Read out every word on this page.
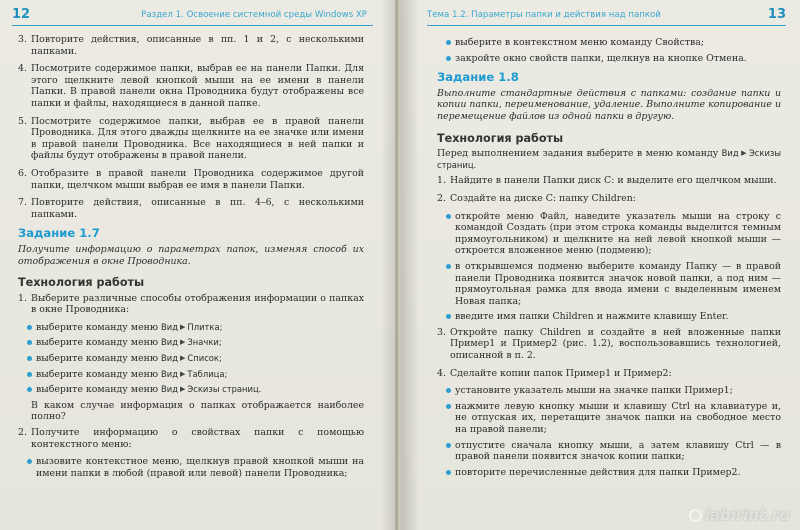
12	Раздел 1. Освоение системной среды Windows XP
3. Повторите действия, описанные в пп. 1 и 2, с несколькими папками.
4. Посмотрите содержимое папки, выбрав ее на панели Папки. Для этого щелкните левой кнопкой мыши на ее имени в панели Папки. В правой панели окна Проводника будут отображены все папки и файлы, находящиеся в данной папке.
5. Посмотрите содержимое папки, выбрав ее в правой панели Проводника. Для этого дважды щелкните на ее значке или имени в правой панели Проводника. Все находящиеся в ней папки и файлы будут отображены в правой панели.
6. Отобразите в правой панели Проводника содержимое другой папки, щелчком мыши выбрав ее имя в панели Папки.
7. Повторите действия, описанные в пп. 4–6, с несколькими папками.
Задание 1.7
Получите информацию о параметрах папок, изменяя способ их отображения в окне Проводника.
Технология работы
1. Выберите различные способы отображения информации о папках в окне Проводника:
выберите команду меню Вид ▶ Плитка;
выберите команду меню Вид ▶ Значки;
выберите команду меню Вид ▶ Список;
выберите команду меню Вид ▶ Таблица;
выберите команду меню Вид ▶ Эскизы страниц.
В каком случае информация о папках отображается наиболее полно?
2. Получите информацию о свойствах папки с помощью контекстного меню:
вызовите контекстное меню, щелкнув правой кнопкой мыши на имени папки в любой (правой или левой) панели Проводника;
Тема 1.2. Параметры папки и действия над папкой	13
выберите в контекстном меню команду Свойства;
закройте окно свойств папки, щелкнув на кнопке Отмена.
Задание 1.8
Выполните стандартные действия с папками: создание папки и копии папки, переименование, удаление. Выполните копирование и перемещение файлов из одной папки в другую.
Технология работы
Перед выполнением задания выберите в меню команду Вид ▶ Эскизы страниц.
1. Найдите в панели Папки диск C: и выделите его щелчком мыши.
2. Создайте на диске C: папку Children:
откройте меню Файл, наведите указатель мыши на строку с командой Создать (при этом строка команды выделится темным прямоугольником) и щелкните на ней левой кнопкой мыши — откроется вложенное меню (подменю);
в открывшемся подменю выберите команду Папку — в правой панели Проводника появится значок новой папки, а под ним — прямоугольная рамка для ввода имени с выделенным именем Новая папка;
введите имя папки Children и нажмите клавишу Enter.
3. Откройте папку Children и создайте в ней вложенные папки Пример1 и Пример2 (рис. 1.2), воспользовавшись технологией, описанной в п. 2.
4. Сделайте копии папок Пример1 и Пример2:
установите указатель мыши на значке папки Пример1;
нажмите левую кнопку мыши и клавишу Ctrl на клавиатуре и, не отпуская их, перетащите значок папки на свободное место на правой панели;
отпустите сначала кнопку мыши, а затем клавишу Ctrl — в правой панели появится значок копии папки;
повторите перечисленные действия для папки Пример2.
labirint.ru
